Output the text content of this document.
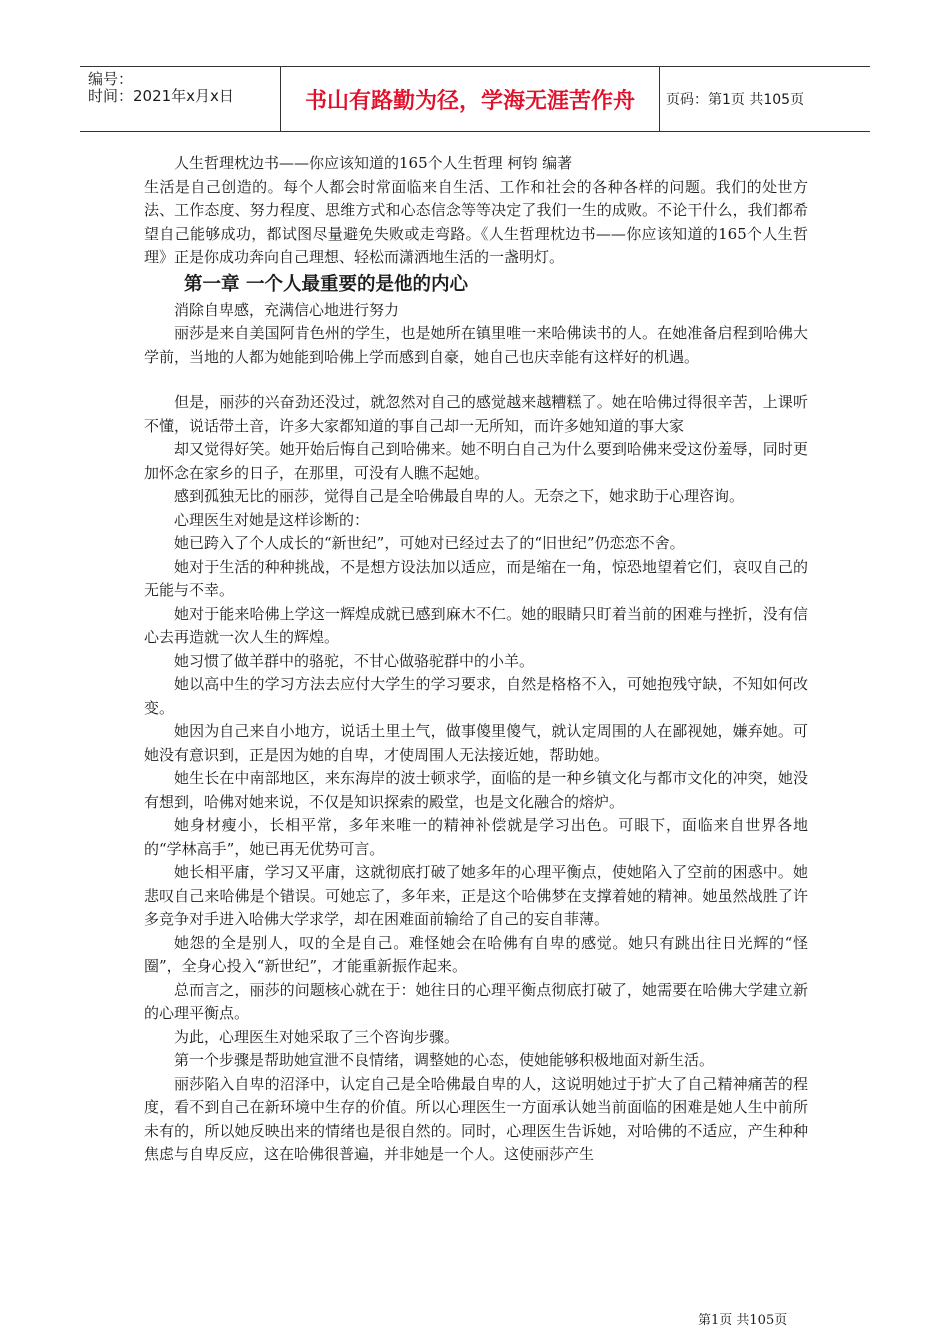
编号：
时间：2021年x月x日	书山有路勤为径，学海无涯苦作舟	页码：第1页 共105页

人生哲理枕边书——你应该知道的165个人生哲理 柯钧 编著

生活是自己创造的。每个人都会时常面临来自生活、工作和社会的各种各样的问题。我们的处世方法、工作态度、努力程度、思维方式和心态信念等等决定了我们一生的成败。不论干什么，我们都希望自己能够成功，都试图尽量避免失败或走弯路。《人生哲理枕边书——你应该知道的165个人生哲理》正是你成功奔向自己理想、轻松而潇洒地生活的一盏明灯。

第一章 一个人最重要的是他的内心

消除自卑感，充满信心地进行努力

丽莎是来自美国阿肯色州的学生，也是她所在镇里唯一来哈佛读书的人。在她准备启程到哈佛大学前，当地的人都为她能到哈佛上学而感到自豪，她自己也庆幸能有这样好的机遇。

但是，丽莎的兴奋劲还没过，就忽然对自己的感觉越来越糟糕了。她在哈佛过得很辛苦，上课听不懂，说话带土音，许多大家都知道的事自己却一无所知，而许多她知道的事大家

却又觉得好笑。她开始后悔自己到哈佛来。她不明白自己为什么要到哈佛来受这份羞辱，同时更加怀念在家乡的日子，在那里，可没有人瞧不起她。

感到孤独无比的丽莎，觉得自己是全哈佛最自卑的人。无奈之下，她求助于心理咨询。

心理医生对她是这样诊断的：

她已跨入了个人成长的“新世纪”，可她对已经过去了的“旧世纪”仍恋恋不舍。

她对于生活的种种挑战，不是想方设法加以适应，而是缩在一角，惊恐地望着它们，哀叹自己的无能与不幸。

她对于能来哈佛上学这一辉煌成就已感到麻木不仁。她的眼睛只盯着当前的困难与挫折，没有信心去再造就一次人生的辉煌。

她习惯了做羊群中的骆驼，不甘心做骆驼群中的小羊。

她以高中生的学习方法去应付大学生的学习要求，自然是格格不入，可她抱残守缺，不知如何改变。

她因为自己来自小地方，说话土里土气，做事傻里傻气，就认定周围的人在鄙视她，嫌弃她。可她没有意识到，正是因为她的自卑，才使周围人无法接近她，帮助她。

她生长在中南部地区，来东海岸的波士顿求学，面临的是一种乡镇文化与都市文化的冲突，她没有想到，哈佛对她来说，不仅是知识探索的殿堂，也是文化融合的熔炉。

她身材瘦小，长相平常，多年来唯一的精神补偿就是学习出色。可眼下，面临来自世界各地的“学林高手”，她已再无优势可言。

她长相平庸，学习又平庸，这就彻底打破了她多年的心理平衡点，使她陷入了空前的困惑中。她悲叹自己来哈佛是个错误。可她忘了，多年来，正是这个哈佛梦在支撑着她的精神。她虽然战胜了许多竞争对手进入哈佛大学求学，却在困难面前输给了自己的妄自菲薄。

她怨的全是别人，叹的全是自己。难怪她会在哈佛有自卑的感觉。她只有跳出往日光辉的“怪圈”，全身心投入“新世纪”，才能重新振作起来。

总而言之，丽莎的问题核心就在于：她往日的心理平衡点彻底打破了，她需要在哈佛大学建立新的心理平衡点。

为此，心理医生对她采取了三个咨询步骤。

第一个步骤是帮助她宣泄不良情绪，调整她的心态，使她能够积极地面对新生活。

丽莎陷入自卑的沼泽中，认定自己是全哈佛最自卑的人，这说明她过于扩大了自己精神痛苦的程度，看不到自己在新环境中生存的价值。所以心理医生一方面承认她当前面临的困难是她人生中前所未有的，所以她反映出来的情绪也是很自然的。同时，心理医生告诉她，对哈佛的不适应，产生种种焦虑与自卑反应，这在哈佛很普遍，并非她是一个人。这使丽莎产生

第1页 共105页
